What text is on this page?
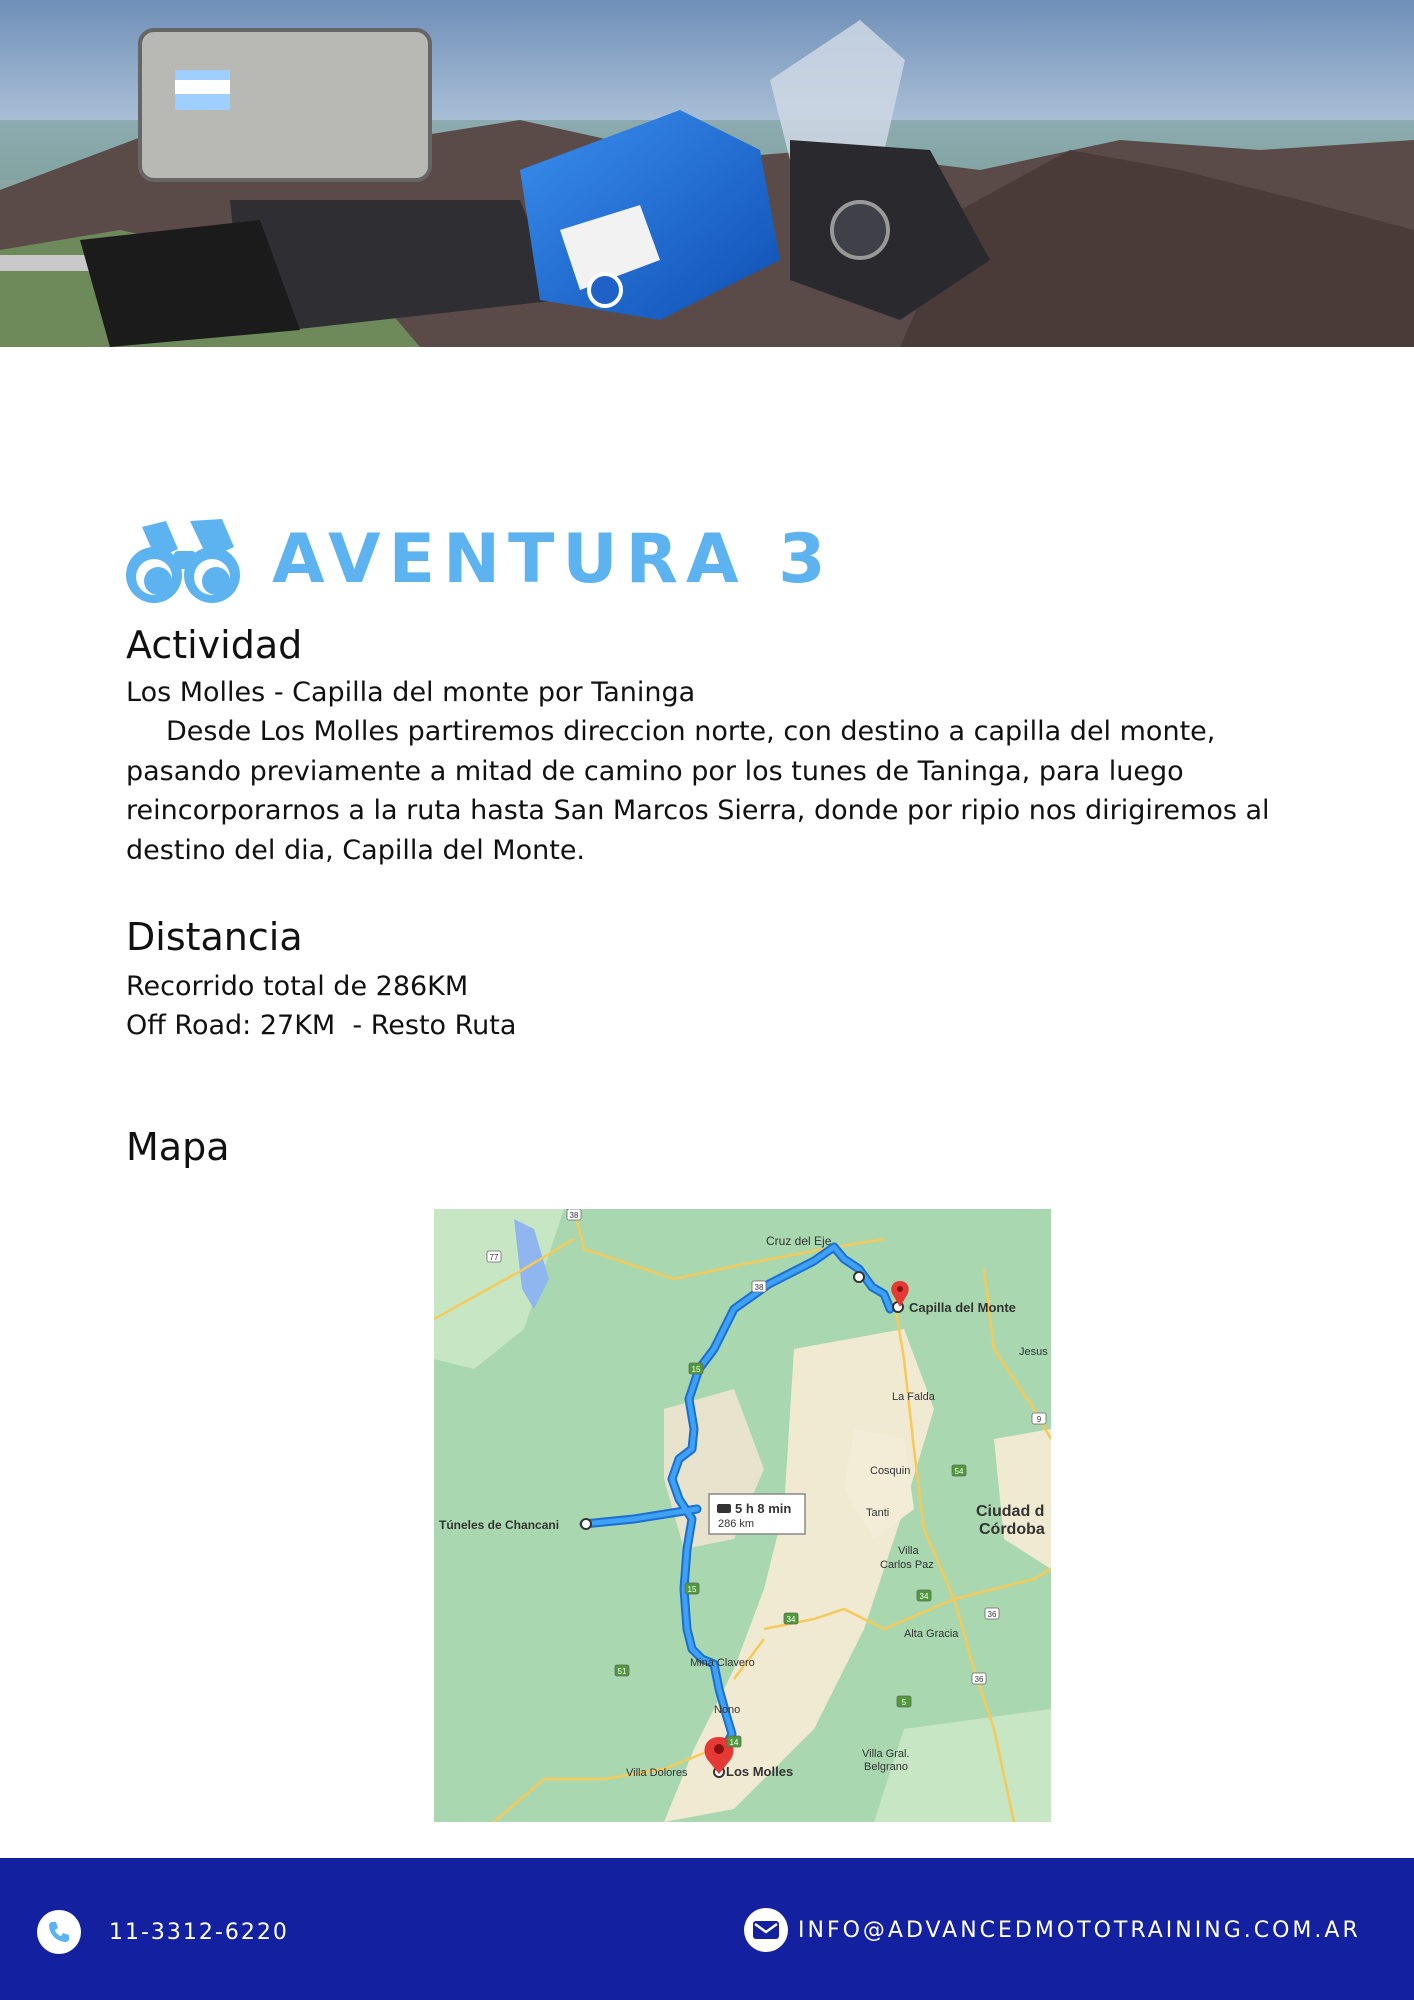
AVENTURA 3
Actividad

Los Molles - Capilla del monte por Taninga

Desde Los Molles partiremos direccion norte, con destino a capilla del monte, pasando previamente a mitad de camino por los tunes de Taninga, para luego reincorporarnos a la ruta hasta San Marcos Sierra, donde por ripio nos dirigiremos al destino del dia, Capilla del Monte.

Distancia

Recorrido total de 286KM

Off Road: 27KM  - Resto Ruta

Mapa
5 h 8 min
286 km
Cruz del Eje
Capilla del Monte
Jesus
La Falda
Cosquin
Tanti	Ciudad d
Córdoba
Villa
Carlos Paz
Alta Gracia
Túneles de Chancani
Mina Clavero
Nono
Villa Dolores	Los Molles
Villa Gral.
Belgrano
38
77
38
15
9
54
15
34
34
36
36
51
14
5
11-3312-6220	INFO@ADVANCEDMOTOTRAINING.COM.AR
